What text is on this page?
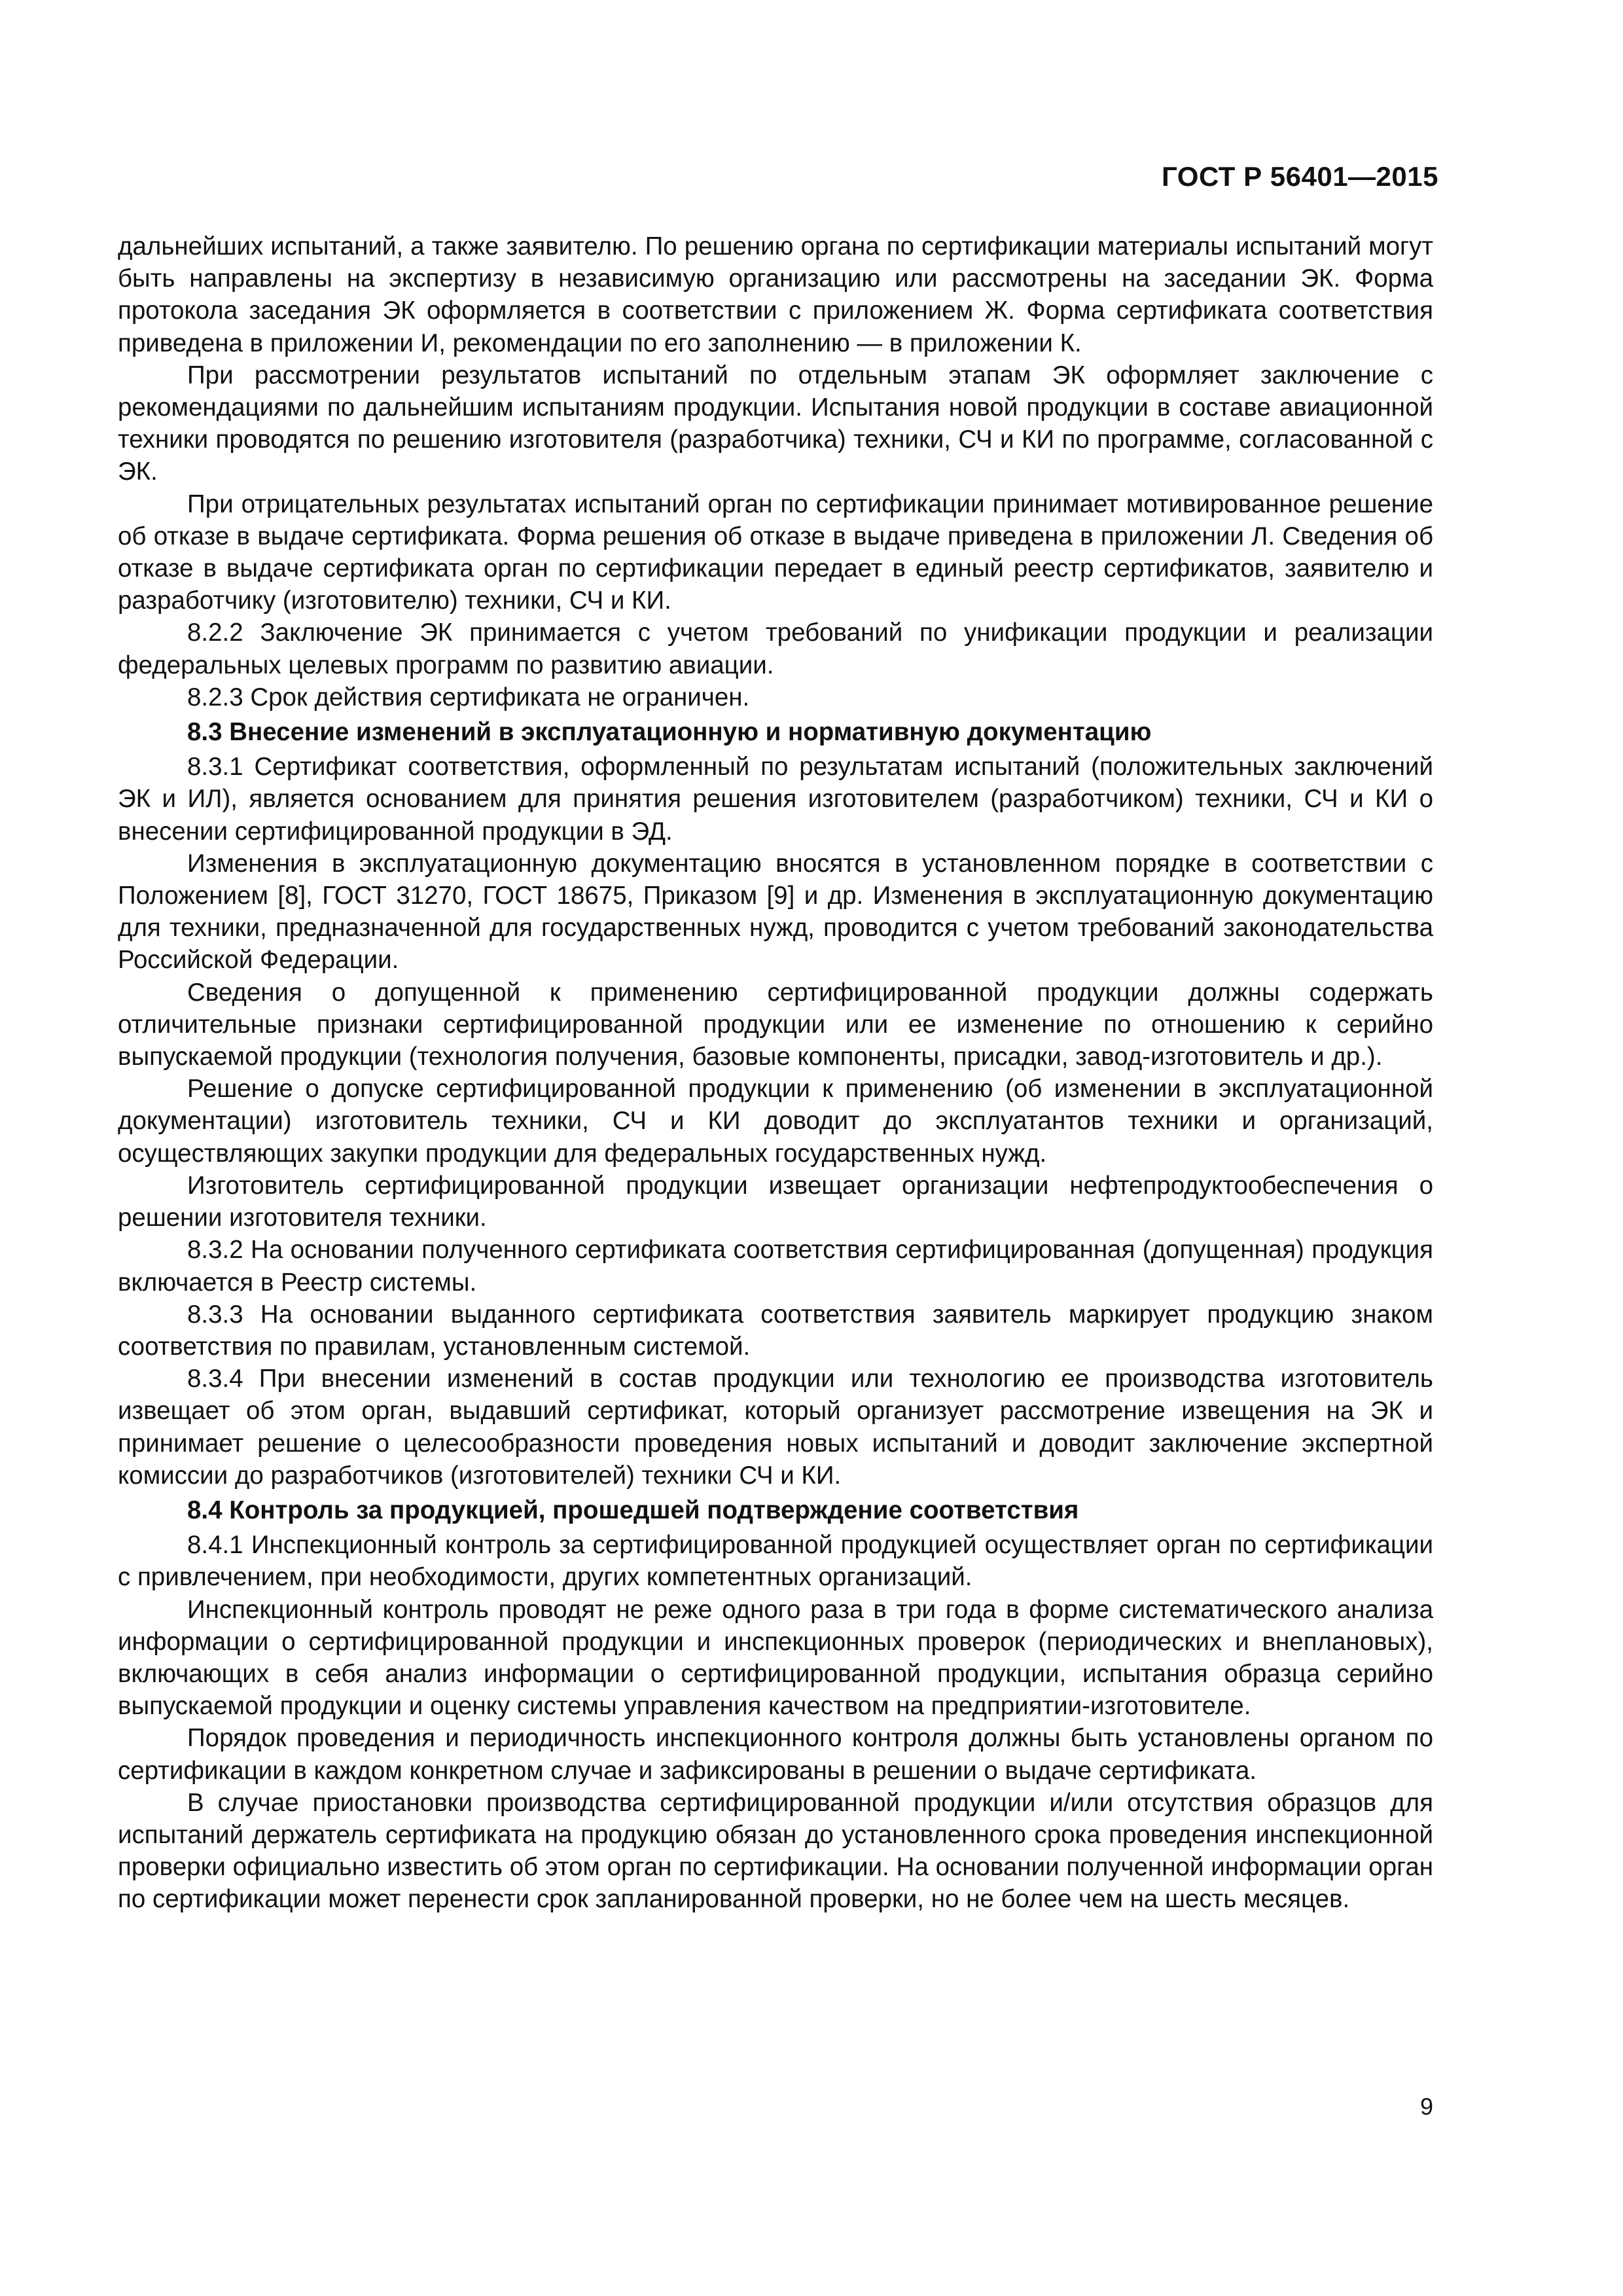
ГОСТ Р 56401—2015

дальнейших испытаний, а также заявителю. По решению органа по сертификации материалы испытаний могут быть направлены на экспертизу в независимую организацию или рассмотрены на заседании ЭК. Форма протокола заседания ЭК оформляется в соответствии с приложением Ж. Форма сертификата соответствия приведена в приложении И, рекомендации по его заполнению — в приложении К.

При рассмотрении результатов испытаний по отдельным этапам ЭК оформляет заключение с рекомендациями по дальнейшим испытаниям продукции. Испытания новой продукции в составе авиационной техники проводятся по решению изготовителя (разработчика) техники, СЧ и КИ по программе, согласованной с ЭК.

При отрицательных результатах испытаний орган по сертификации принимает мотивированное решение об отказе в выдаче сертификата. Форма решения об отказе в выдаче приведена в приложении Л. Сведения об отказе в выдаче сертификата орган по сертификации передает в единый реестр сертификатов, заявителю и разработчику (изготовителю) техники, СЧ и КИ.

8.2.2 Заключение ЭК принимается с учетом требований по унификации продукции и реализации федеральных целевых программ по развитию авиации.

8.2.3 Срок действия сертификата не ограничен.

8.3 Внесение изменений в эксплуатационную и нормативную документацию

8.3.1 Сертификат соответствия, оформленный по результатам испытаний (положительных заключений ЭК и ИЛ), является основанием для принятия решения изготовителем (разработчиком) техники, СЧ и КИ о внесении сертифицированной продукции в ЭД.

Изменения в эксплуатационную документацию вносятся в установленном порядке в соответствии с Положением [8], ГОСТ 31270, ГОСТ 18675, Приказом [9] и др. Изменения в эксплуатационную документацию для техники, предназначенной для государственных нужд, проводится с учетом требований законодательства Российской Федерации.

Сведения о допущенной к применению сертифицированной продукции должны содержать отличительные признаки сертифицированной продукции или ее изменение по отношению к серийно выпускаемой продукции (технология получения, базовые компоненты, присадки, завод-изготовитель и др.).

Решение о допуске сертифицированной продукции к применению (об изменении в эксплуатационной документации) изготовитель техники, СЧ и КИ доводит до эксплуатантов техники и организаций, осуществляющих закупки продукции для федеральных государственных нужд.

Изготовитель сертифицированной продукции извещает организации нефтепродуктообеспечения о решении изготовителя техники.

8.3.2 На основании полученного сертификата соответствия сертифицированная (допущенная) продукция включается в Реестр системы.

8.3.3 На основании выданного сертификата соответствия заявитель маркирует продукцию знаком соответствия по правилам, установленным системой.

8.3.4 При внесении изменений в состав продукции или технологию ее производства изготовитель извещает об этом орган, выдавший сертификат, который организует рассмотрение извещения на ЭК и принимает решение о целесообразности проведения новых испытаний и доводит заключение экспертной комиссии до разработчиков (изготовителей) техники СЧ и КИ.

8.4 Контроль за продукцией, прошедшей подтверждение соответствия

8.4.1 Инспекционный контроль за сертифицированной продукцией осуществляет орган по сертификации с привлечением, при необходимости, других компетентных организаций.

Инспекционный контроль проводят не реже одного раза в три года в форме систематического анализа информации о сертифицированной продукции и инспекционных проверок (периодических и внеплановых), включающих в себя анализ информации о сертифицированной продукции, испытания образца серийно выпускаемой продукции и оценку системы управления качеством на предприятии-изготовителе.

Порядок проведения и периодичность инспекционного контроля должны быть установлены органом по сертификации в каждом конкретном случае и зафиксированы в решении о выдаче сертификата.

В случае приостановки производства сертифицированной продукции и/или отсутствия образцов для испытаний держатель сертификата на продукцию обязан до установленного срока проведения инспекционной проверки официально известить об этом орган по сертификации. На основании полученной информации орган по сертификации может перенести срок запланированной проверки, но не более чем на шесть месяцев.

9
